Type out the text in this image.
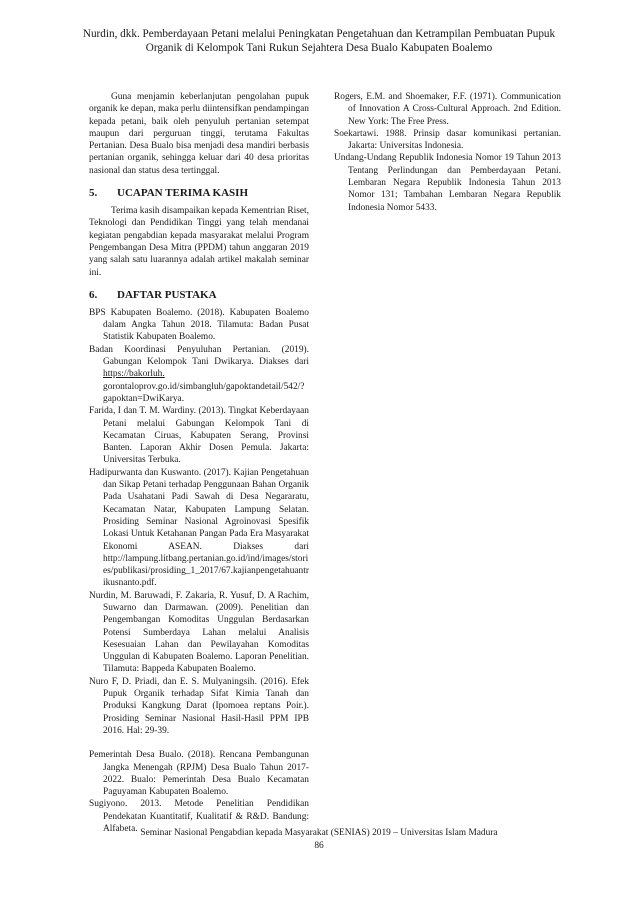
Nurdin, dkk. Pemberdayaan Petani melalui Peningkatan Pengetahuan dan Ketrampilan Pembuatan Pupuk
Organik di Kelompok Tani Rukun Sejahtera Desa Bualo Kabupaten Boalemo

Guna menjamin keberlanjutan pengolahan pupuk organik ke depan, maka perlu diintensifkan pendampingan kepada petani, baik oleh penyuluh pertanian setempat maupun dari perguruan tinggi, terutama Fakultas Pertanian. Desa Bualo bisa menjadi desa mandiri berbasis pertanian organik, sehingga keluar dari 40 desa prioritas nasional dan status desa tertinggal.

5. UCAPAN TERIMA KASIH

Terima kasih disampaikan kepada Kementrian Riset, Teknologi dan Pendidikan Tinggi yang telah mendanai kegiatan pengabdian kepada masyarakat melalui Program Pengembangan Desa Mitra (PPDM) tahun anggaran 2019 yang salah satu luarannya adalah artikel makalah seminar ini.

6. DAFTAR PUSTAKA

BPS Kabupaten Boalemo. (2018). Kabupaten Boalemo dalam Angka Tahun 2018. Tilamuta: Badan Pusat Statistik Kabupaten Boalemo.

Badan Koordinasi Penyuluhan Pertanian. (2019). Gabungan Kelompok Tani Dwikarya. Diakses dari https://bakorluh. gorontaloprov.go.id/simbangluh/gapoktandetail/542/?gapoktan=DwiKarya.

Farida, I dan T. M. Wardiny. (2013). Tingkat Keberdayaan Petani melalui Gabungan Kelompok Tani di Kecamatan Ciruas, Kabupaten Serang, Provinsi Banten. Laporan Akhir Dosen Pemula. Jakarta: Universitas Terbuka.

Hadipurwanta dan Kuswanto. (2017). Kajian Pengetahuan dan Sikap Petani terhadap Penggunaan Bahan Organik Pada Usahatani Padi Sawah di Desa Negararatu, Kecamatan Natar, Kabupaten Lampung Selatan. Prosiding Seminar Nasional Agroinovasi Spesifik Lokasi Untuk Ketahanan Pangan Pada Era Masyarakat Ekonomi ASEAN. Diakses dari http://lampung.litbang.pertanian.go.id/ind/images/stories/publikasi/prosiding_1_2017/67.kajianpengetahuantrikusnanto.pdf.

Nurdin, M. Baruwadi, F. Zakaria, R. Yusuf, D. A Rachim, Suwarno dan Darmawan. (2009). Penelitian dan Pengembangan Komoditas Unggulan Berdasarkan Potensi Sumberdaya Lahan melalui Analisis Kesesuaian Lahan dan Pewilayahan Komoditas Unggulan di Kabupaten Boalemo. Laporan Penelitian. Tilamuta: Bappeda Kabupaten Boalemo.

Nuro F, D. Priadi, dan E. S. Mulyaningsih. (2016). Efek Pupuk Organik terhadap Sifat Kimia Tanah dan Produksi Kangkung Darat (Ipomoea reptans Poir.). Prosiding Seminar Nasional Hasil-Hasil PPM IPB 2016. Hal: 29-39.

Pemerintah Desa Bualo. (2018). Rencana Pembangunan Jangka Menengah (RPJM) Desa Bualo Tahun 2017-2022. Bualo: Pemerintah Desa Bualo Kecamatan Paguyaman Kabupaten Boalemo.

Sugiyono. 2013. Metode Penelitian Pendidikan Pendekatan Kuantitatif, Kualitatif & R&D. Bandung: Alfabeta.

Rogers, E.M. and Shoemaker, F.F. (1971). Communication of Innovation A Cross-Cultural Approach. 2nd Edition. New York: The Free Press.

Soekartawi. 1988. Prinsip dasar komunikasi pertanian. Jakarta: Universitas Indonesia.

Undang-Undang Republik Indonesia Nomor 19 Tahun 2013 Tentang Perlindungan dan Pemberdayaan Petani. Lembaran Negara Republik Indonesia Tahun 2013 Nomor 131; Tambahan Lembaran Negara Republik Indonesia Nomor 5433.

Seminar Nasional Pengabdian kepada Masyarakat (SENIAS) 2019 – Universitas Islam Madura
86
